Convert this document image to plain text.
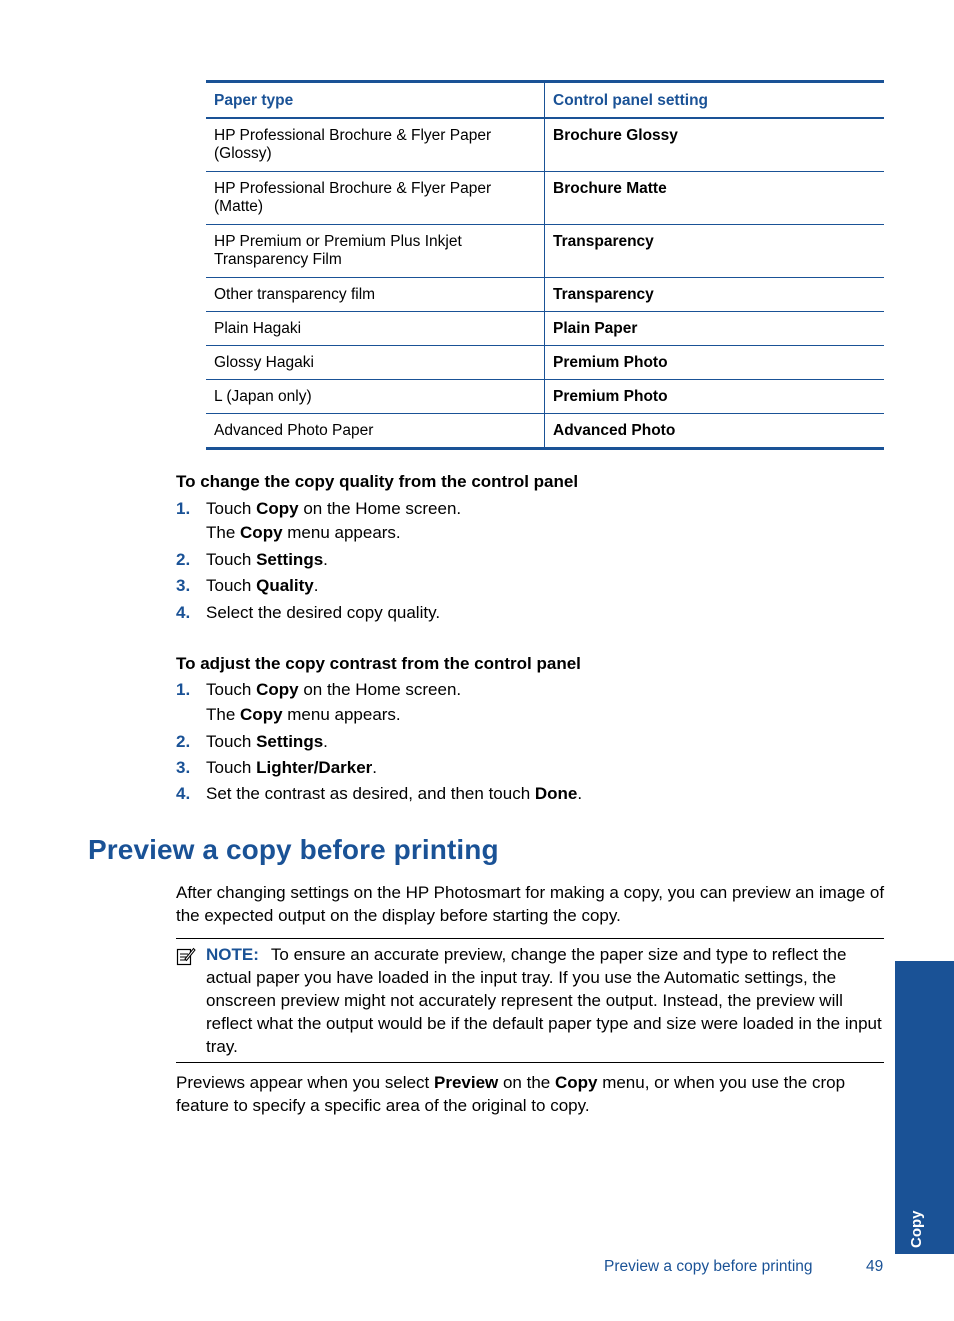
Paper type	Control panel setting
HP Professional Brochure & Flyer Paper (Glossy)	Brochure Glossy
HP Professional Brochure & Flyer Paper (Matte)	Brochure Matte
HP Premium or Premium Plus Inkjet Transparency Film	Transparency
Other transparency film	Transparency
Plain Hagaki	Plain Paper
Glossy Hagaki	Premium Photo
L (Japan only)	Premium Photo
Advanced Photo Paper	Advanced Photo
To change the copy quality from the control panel
1. Touch Copy on the Home screen.
The Copy menu appears.
2. Touch Settings.
3. Touch Quality.
4. Select the desired copy quality.
To adjust the copy contrast from the control panel
1. Touch Copy on the Home screen.
The Copy menu appears.
2. Touch Settings.
3. Touch Lighter/Darker.
4. Set the contrast as desired, and then touch Done.
Preview a copy before printing
After changing settings on the HP Photosmart for making a copy, you can preview an image of the expected output on the display before starting the copy.
NOTE: To ensure an accurate preview, change the paper size and type to reflect the actual paper you have loaded in the input tray. If you use the Automatic settings, the onscreen preview might not accurately represent the output. Instead, the preview will reflect what the output would be if the default paper type and size were loaded in the input tray.
Previews appear when you select Preview on the Copy menu, or when you use the crop feature to specify a specific area of the original to copy.
Copy
Preview a copy before printing	49
